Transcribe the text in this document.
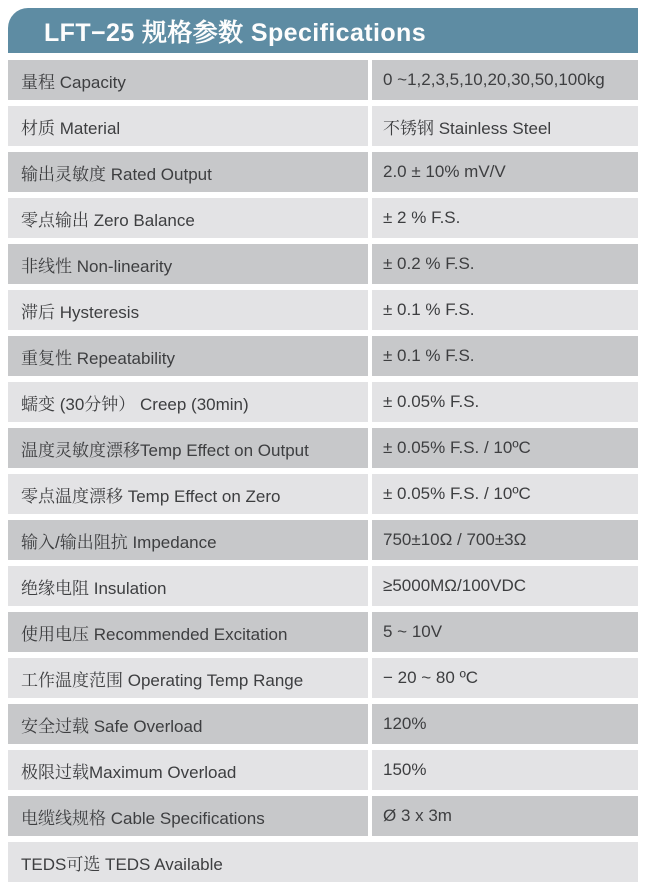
LFT−25 规格参数 Specifications
量程 Capacity	0 ~1,2,3,5,10,20,30,50,100kg
材质 Material	不锈钢 Stainless Steel
输出灵敏度 Rated Output	2.0 ± 10% mV/V
零点输出 Zero Balance	± 2 % F.S.
非线性 Non-linearity	± 0.2 % F.S.
滞后 Hysteresis	± 0.1 % F.S.
重复性 Repeatability	± 0.1 % F.S.
蠕变 (30分钟） Creep (30min)	± 0.05% F.S.
温度灵敏度漂移Temp Effect on Output	± 0.05% F.S. / 10ºC
零点温度漂移 Temp Effect on Zero	± 0.05% F.S. / 10ºC
输入/输出阻抗 Impedance	750±10Ω / 700±3Ω
绝缘电阻 Insulation	≥5000MΩ/100VDC
使用电压 Recommended Excitation	5 ~ 10V
工作温度范围 Operating Temp Range	− 20 ~ 80 ºC
安全过载 Safe Overload	120%
极限过载Maximum Overload	150%
电缆线规格 Cable Specifications	Ø 3 x 3m
TEDS可选 TEDS Available
